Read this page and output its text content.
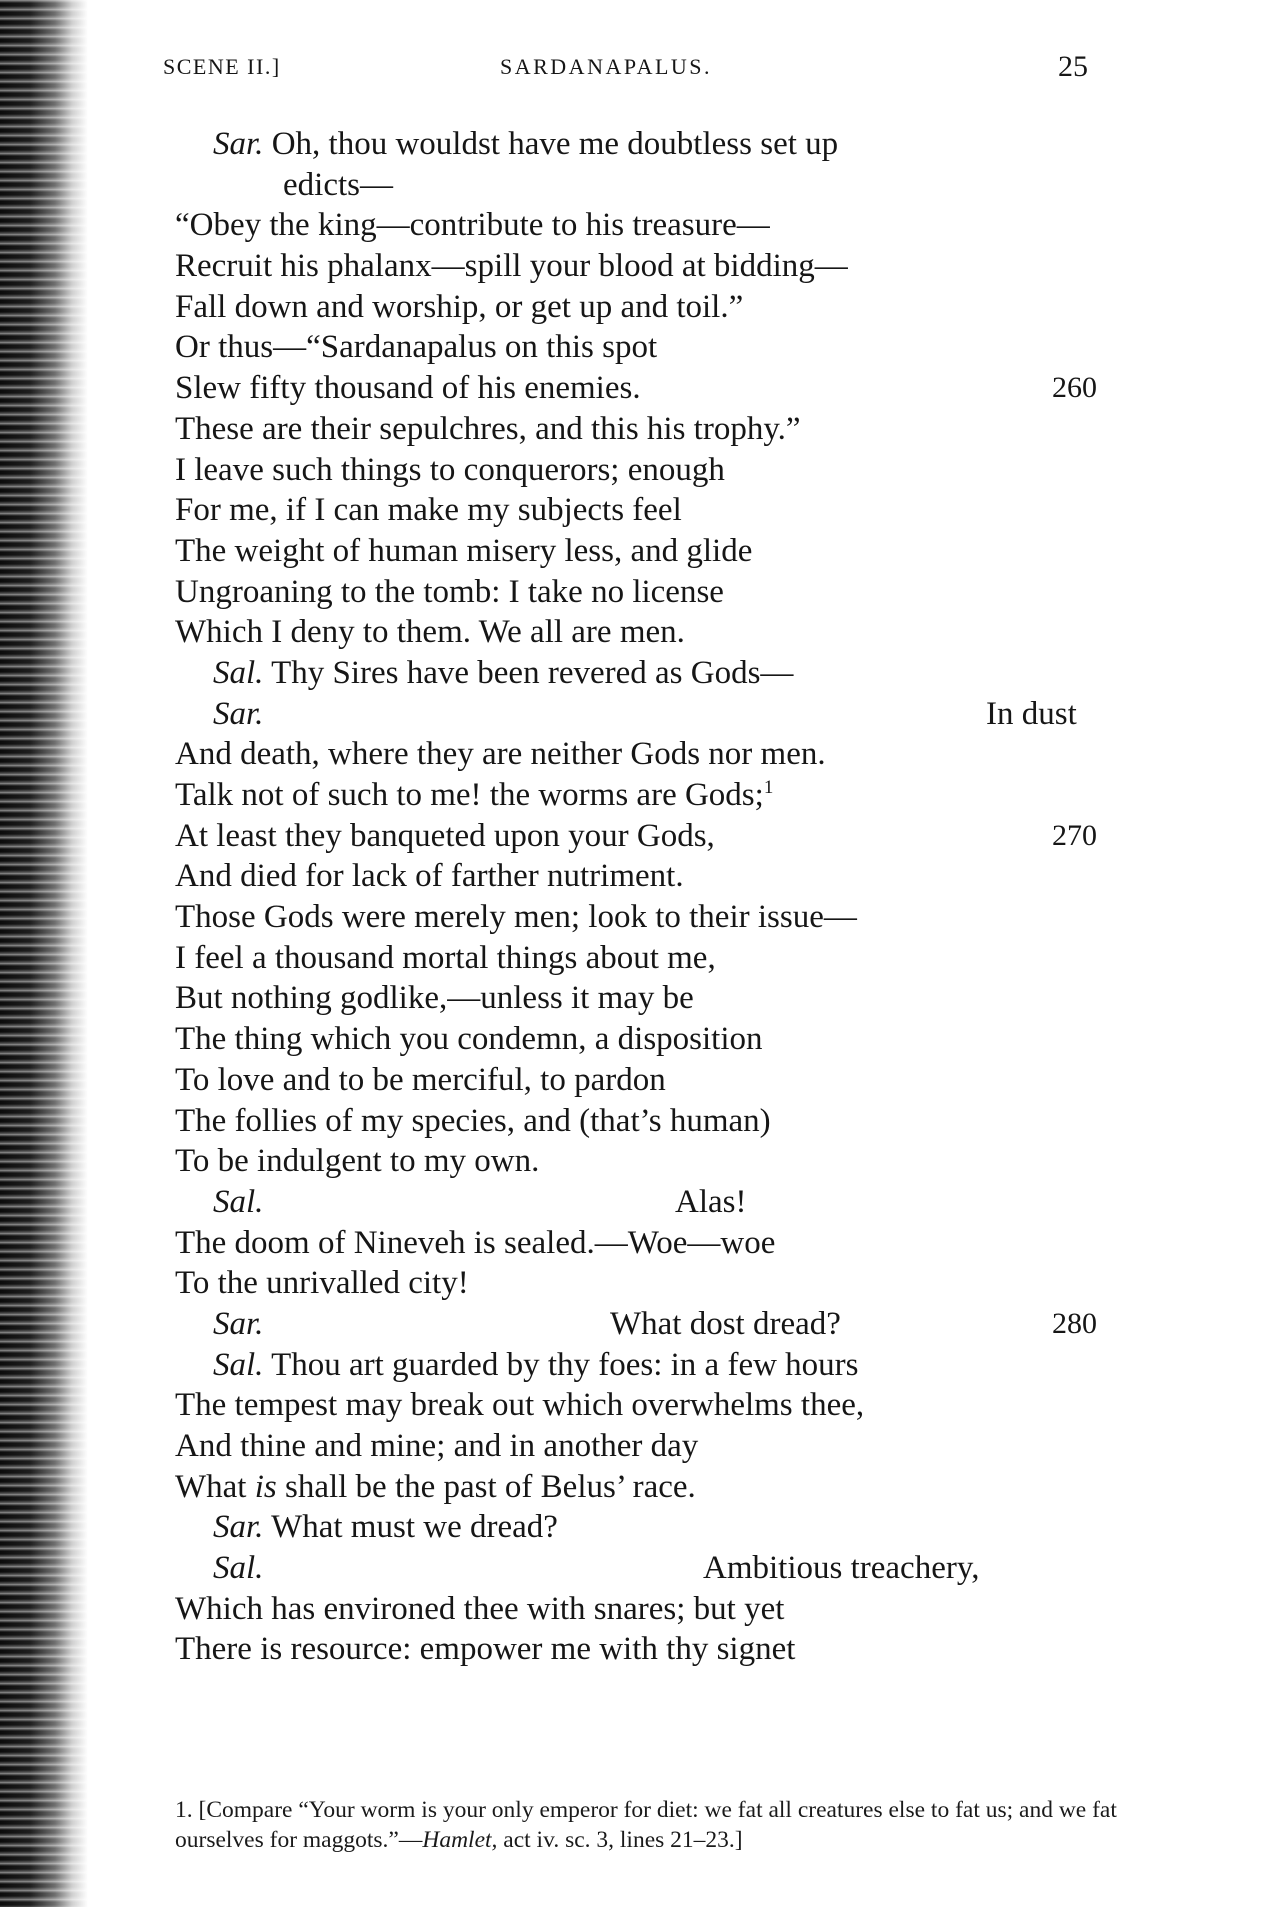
SCENE II.]	SARDANAPALUS.	25
Sar. Oh, thou wouldst have me doubtless set up
edicts—
“Obey the king—contribute to his treasure—
Recruit his phalanx—spill your blood at bidding—
Fall down and worship, or get up and toil.”
Or thus—“Sardanapalus on this spot
Slew fifty thousand of his enemies.	260
These are their sepulchres, and this his trophy.”
I leave such things to conquerors; enough
For me, if I can make my subjects feel
The weight of human misery less, and glide
Ungroaning to the tomb: I take no license
Which I deny to them. We all are men.
Sal. Thy Sires have been revered as Gods—
Sar.	In dust
And death, where they are neither Gods nor men.
Talk not of such to me! the worms are Gods;$^1$
At least they banqueted upon your Gods,	270
And died for lack of farther nutriment.
Those Gods were merely men; look to their issue—
I feel a thousand mortal things about me,
But nothing godlike,—unless it may be
The thing which you condemn, a disposition
To love and to be merciful, to pardon
The follies of my species, and (that’s human)
To be indulgent to my own.
Sal.	Alas!
The doom of Nineveh is sealed.—Woe—woe
To the unrivalled city!
Sar.	What dost dread?	280
Sal. Thou art guarded by thy foes: in a few hours
The tempest may break out which overwhelms thee,
And thine and mine; and in another day
What is shall be the past of Belus’ race.
Sar. What must we dread?
Sal.	Ambitious treachery,
Which has environed thee with snares; but yet
There is resource: empower me with thy signet
1. [Compare “Your worm is your only emperor for diet: we fat all creatures else to fat us; and we fat ourselves for maggots.”—Hamlet, act iv. sc. 3, lines 21–23.]
